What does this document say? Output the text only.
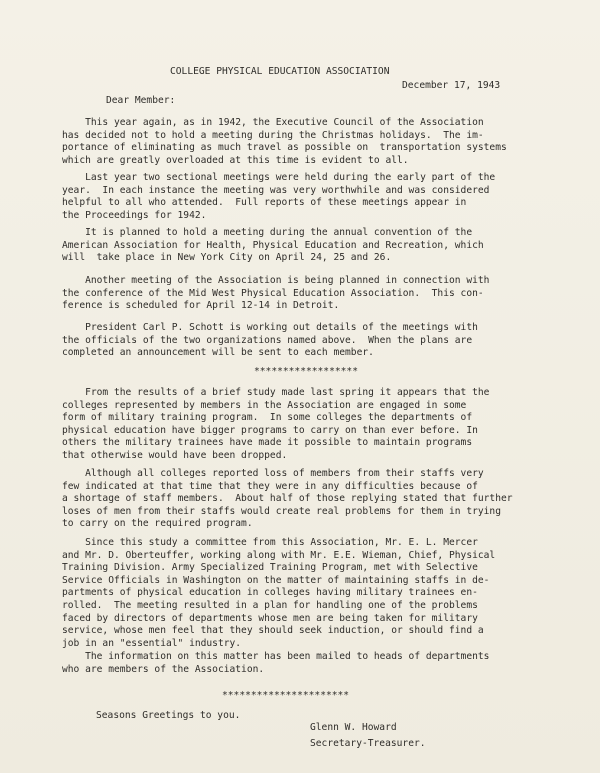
COLLEGE PHYSICAL EDUCATION ASSOCIATION
December 17, 1943
Dear Member:
This year again, as in 1942, the Executive Council of the Association
has decided not to hold a meeting during the Christmas holidays.  The im-
portance of eliminating as much travel as possible on  transportation systems
which are greatly overloaded at this time is evident to all.
Last year two sectional meetings were held during the early part of the
year.  In each instance the meeting was very worthwhile and was considered
helpful to all who attended.  Full reports of these meetings appear in
the Proceedings for 1942.
It is planned to hold a meeting during the annual convention of the
American Association for Health, Physical Education and Recreation, which
will  take place in New York City on April 24, 25 and 26.
Another meeting of the Association is being planned in connection with
the conference of the Mid West Physical Education Association.  This con-
ference is scheduled for April 12-14 in Detroit.
President Carl P. Schott is working out details of the meetings with
the officials of the two organizations named above.  When the plans are
completed an announcement will be sent to each member.
******************
From the results of a brief study made last spring it appears that the
colleges represented by members in the Association are engaged in some
form of military training program.  In some colleges the departments of
physical education have bigger programs to carry on than ever before. In
others the military trainees have made it possible to maintain programs
that otherwise would have been dropped.
Although all colleges reported loss of members from their staffs very
few indicated at that time that they were in any difficulties because of
a shortage of staff members.  About half of those replying stated that further
loses of men from their staffs would create real problems for them in trying
to carry on the required program.
Since this study a committee from this Association, Mr. E. L. Mercer
and Mr. D. Oberteuffer, working along with Mr. E.E. Wieman, Chief, Physical
Training Division. Army Specialized Training Program, met with Selective
Service Officials in Washington on the matter of maintaining staffs in de-
partments of physical education in colleges having military trainees en-
rolled.  The meeting resulted in a plan for handling one of the problems
faced by directors of departments whose men are being taken for military
service, whose men feel that they should seek induction, or should find a
job in an "essential" industry.
The information on this matter has been mailed to heads of departments
who are members of the Association.
**********************
Seasons Greetings to you.
Glenn W. Howard
Secretary-Treasurer.
